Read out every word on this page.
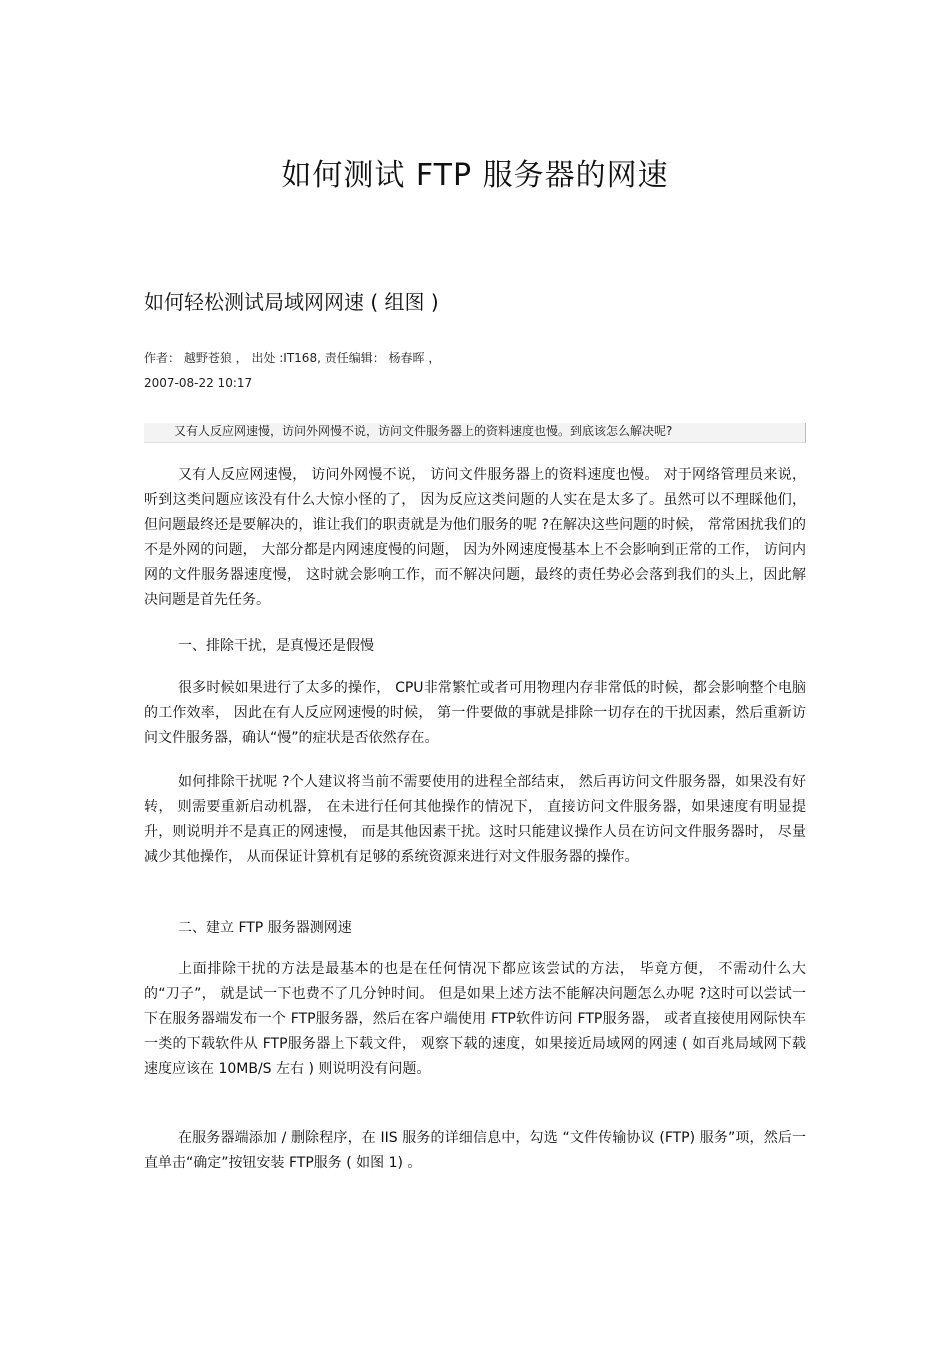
如何测试 FTP 服务器的网速
如何轻松测试局域网网速 ( 组图 )
作者： 越野苍狼 ， 出处 :IT168, 责任编辑： 杨春晖 ，
2007-08-22 10:17
又有人反应网速慢，访问外网慢不说，访问文件服务器上的资料速度也慢。到底该怎么解决呢?

又有人反应网速慢， 访问外网慢不说， 访问文件服务器上的资料速度也慢。 对于网络管理员来说，听到这类问题应该没有什么大惊小怪的了， 因为反应这类问题的人实在是太多了。虽然可以不理睬他们，但问题最终还是要解决的，谁让我们的职责就是为他们服务的呢 ?在解决这些问题的时候， 常常困扰我们的不是外网的问题， 大部分都是内网速度慢的问题， 因为外网速度慢基本上不会影响到正常的工作， 访问内网的文件服务器速度慢， 这时就会影响工作，而不解决问题，最终的责任势必会落到我们的头上，因此解决问题是首先任务。

一、排除干扰，是真慢还是假慢

很多时候如果进行了太多的操作， CPU非常繁忙或者可用物理内存非常低的时候，都会影响整个电脑的工作效率， 因此在有人反应网速慢的时候， 第一件要做的事就是排除一切存在的干扰因素，然后重新访问文件服务器，确认“慢”的症状是否依然存在。

如何排除干扰呢 ?个人建议将当前不需要使用的进程全部结束， 然后再访问文件服务器，如果没有好转， 则需要重新启动机器， 在未进行任何其他操作的情况下， 直接访问文件服务器，如果速度有明显提升，则说明并不是真正的网速慢， 而是其他因素干扰。这时只能建议操作人员在访问文件服务器时， 尽量减少其他操作， 从而保证计算机有足够的系统资源来进行对文件服务器的操作。

二、建立 FTP 服务器测网速

上面排除干扰的方法是最基本的也是在任何情况下都应该尝试的方法， 毕竟方便， 不需动什么大的“刀子”， 就是试一下也费不了几分钟时间。 但是如果上述方法不能解决问题怎么办呢 ?这时可以尝试一下在服务器端发布一个 FTP服务器，然后在客户端使用 FTP软件访问 FTP服务器， 或者直接使用网际快车一类的下载软件从 FTP服务器上下载文件， 观察下载的速度，如果接近局域网的网速 ( 如百兆局域网下载速度应该在 10MB/S 左右 ) 则说明没有问题。

在服务器端添加 / 删除程序，在 IIS 服务的详细信息中，勾选 “文件传输协议 (FTP) 服务”项，然后一直单击“确定”按钮安装 FTP服务 ( 如图 1) 。
